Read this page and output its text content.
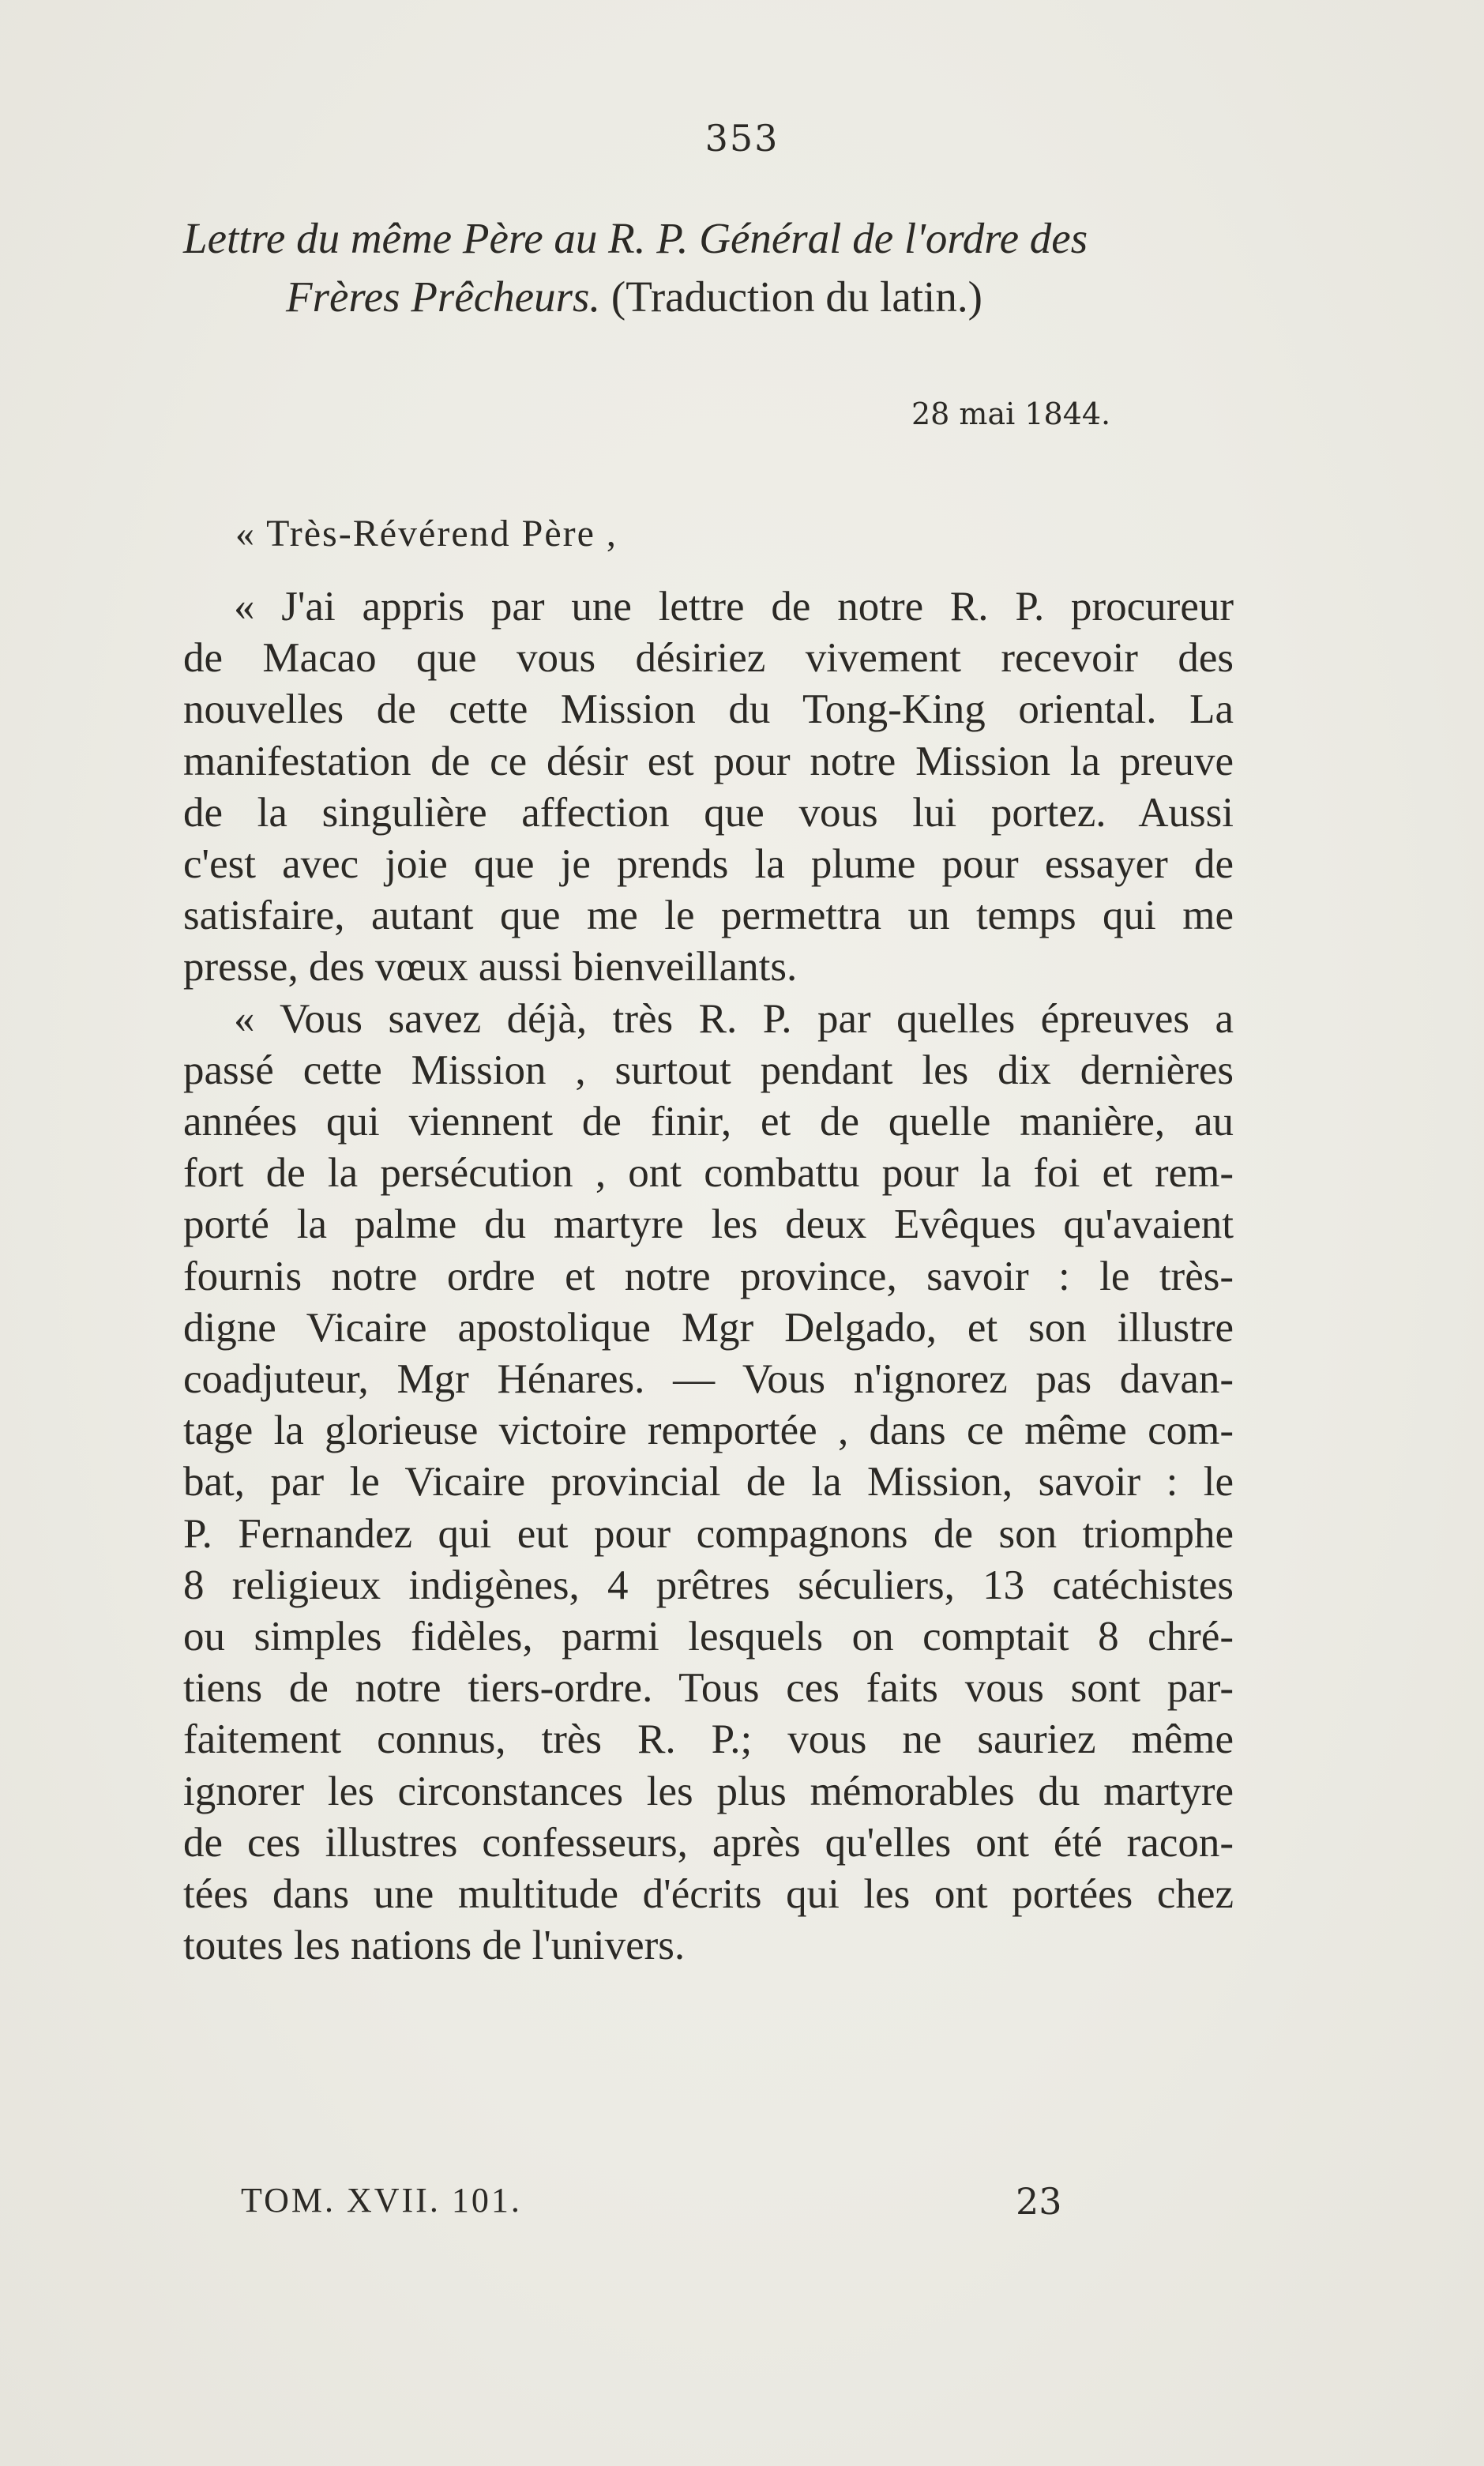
353
Lettre du même Père au R. P. Général de l'ordre des
Frères Prêcheurs. (Traduction du latin.)
28 mai 1844.
« Très-Révérend Père ,
« J'ai appris par une lettre de notre R. P. procureur
de Macao que vous désiriez vivement recevoir des
nouvelles de cette Mission du Tong-King oriental. La
manifestation de ce désir est pour notre Mission la preuve
de la singulière affection que vous lui portez. Aussi
c'est avec joie que je prends la plume pour essayer de
satisfaire, autant que me le permettra un temps qui me
presse, des vœux aussi bienveillants.
« Vous savez déjà, très R. P. par quelles épreuves a
passé cette Mission , surtout pendant les dix dernières
années qui viennent de finir, et de quelle manière, au
fort de la persécution , ont combattu pour la foi et rem-
porté la palme du martyre les deux Evêques qu'avaient
fournis notre ordre et notre province, savoir : le très-
digne Vicaire apostolique Mgr Delgado, et son illustre
coadjuteur, Mgr Hénares. — Vous n'ignorez pas davan-
tage la glorieuse victoire remportée , dans ce même com-
bat, par le Vicaire provincial de la Mission, savoir : le
P. Fernandez qui eut pour compagnons de son triomphe
8 religieux indigènes, 4 prêtres séculiers, 13 catéchistes
ou simples fidèles, parmi lesquels on comptait 8 chré-
tiens de notre tiers-ordre. Tous ces faits vous sont par-
faitement connus, très R. P.; vous ne sauriez même
ignorer les circonstances les plus mémorables du martyre
de ces illustres confesseurs, après qu'elles ont été racon-
tées dans une multitude d'écrits qui les ont portées chez
toutes les nations de l'univers.
TOM. XVII. 101.	23
